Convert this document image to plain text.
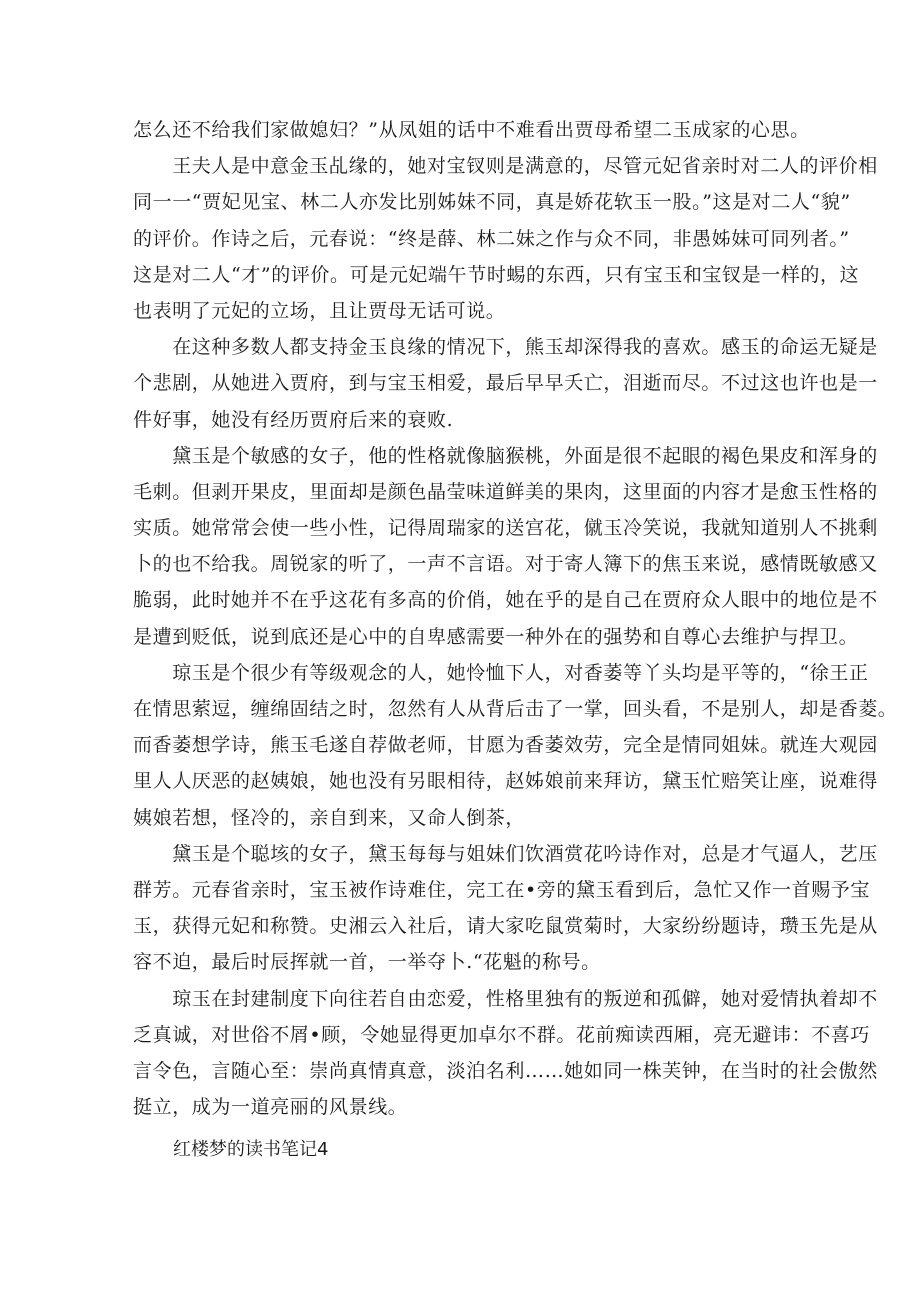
怎么还不给我们家做媳妇？”从凤姐的话中不难看出贾母希望二玉成家的心思。
　　王夫人是中意金玉乩缘的，她对宝钗则是满意的，尽管元妃省亲时对二人的评价相
同一一“贾妃见宝、林二人亦发比别姊妹不同，真是娇花软玉一股。”这是对二人“貌”
的评价。作诗之后，元春说：“终是薛、林二妹之作与众不同，非愚姊妹可同列者。”
这是对二人“才”的评价。可是元妃端午节时蜴的东西，只有宝玉和宝钗是一样的，这
也表明了元妃的立场，且让贾母无话可说。
　　在这种多数人都支持金玉良缘的情况下，熊玉却深得我的喜欢。感玉的命运无疑是
个悲剧，从她进入贾府，到与宝玉相爱，最后早早夭亡，泪逝而尽。不过这也许也是一
件好事，她没有经历贾府后来的衰败.
　　黛玉是个敏感的女子，他的性格就像脑猴桃，外面是很不起眼的褐色果皮和浑身的
毛刺。但剥开果皮，里面却是颜色晶莹味道鲜美的果肉，这里面的内容才是愈玉性格的
实质。她常常会使一些小性，记得周瑞家的送宫花，僦玉冷笑说，我就知道别人不挑剩
卜的也不给我。周锐家的听了，一声不言语。对于寄人簿下的焦玉来说，感情既敏感又
脆弱，此时她并不在乎这花有多高的价俏，她在乎的是自己在贾府众人眼中的地位是不
是遭到贬低，说到底还是心中的自卑感需要一种外在的强势和自尊心去维护与捍卫。
　　琼玉是个很少有等级观念的人，她怜恤下人，对香萎等丫头均是平等的，“徐王正
在情思萦逗，缠绵固结之时，忽然有人从背后击了一掌，回头看，不是别人，却是香菱。
而香萎想学诗，熊玉毛遂自荐做老师，甘愿为香萎效劳，完全是情同姐妹。就连大观园
里人人厌恶的赵姨娘，她也没有另眼相待，赵姊娘前来拜访，黛玉忙赔笑让座，说难得
姨娘若想，怪冷的，亲自到来，又命人倒茶，
　　黛玉是个聪垓的女子，黛玉每每与姐妹们饮酒赏花吟诗作对，总是才气逼人，艺压
群芳。元春省亲时，宝玉被作诗难住，完工在•旁的黛玉看到后，急忙又作一首赐予宝
玉，获得元妃和称赞。史湘云入社后，请大家吃鼠赏菊时，大家纷纷题诗，瓒玉先是从
容不迫，最后时辰挥就一首，一举夺卜.“花魁的称号。
　　琼玉在封建制度下向往若自由恋爱，性格里独有的叛逆和孤僻，她对爱情执着却不
乏真诚，对世俗不屑•顾，令她显得更加卓尔不群。花前痴读西厢，亮无避讳：不喜巧
言令色，言随心至：崇尚真情真意，淡泊名利……她如同一株芙钟，在当时的社会傲然
挺立，成为一道亮丽的风景线。
红楼梦的读书笔记4
